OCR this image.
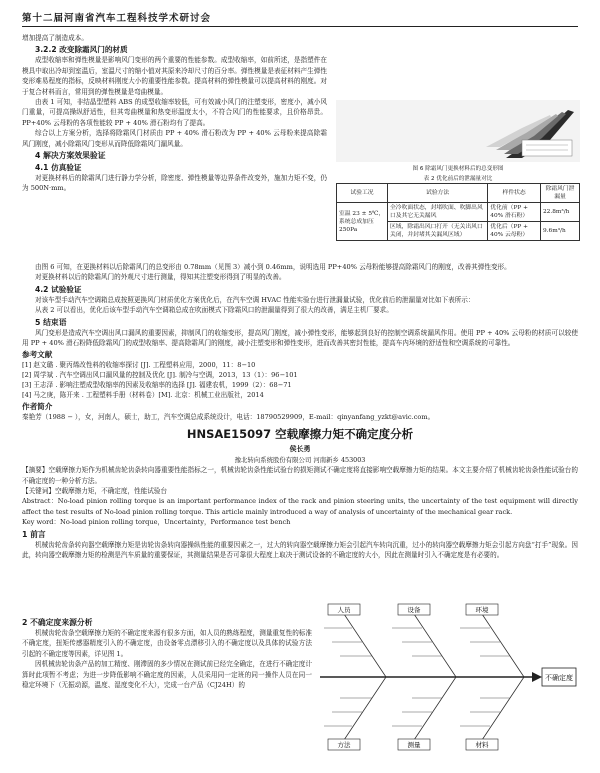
第十二届河南省汽车工程科技学术研讨会

增加提高了制造成本。

3.2.2 改变除霜风门的材质

成型收缩率和弹性模量是影响风门变形的两个重要的性能参数。成型收缩率，如前所述，是指塑件在模具中取出冷却到室温后，室温尺寸的缩小值对其原来冷却尺寸的百分率。弹性模量是表征材料产生弹性变形难易程度的指标，反映材料刚度大小的重要性能参数。提高材料的弹性模量可以提高材料的刚度。对于复合材料而言，常用到的弹性模量是弯曲模量。

由表 1 可知，非结晶型塑料 ABS 的成型收缩率较低，可有效减小风门的注塑变形，密度小，减小风门重量，可提高操纵舒适性，但其弯曲模量和热变形温度太小，不符合风门的性能要求，且价格昂贵。PP+40% 云母粉的各项性能较 PP + 40% 滑石粉均有了提高。

综合以上方案分析，选择将除霜风门材质由 PP + 40% 滑石粉改为 PP + 40% 云母粉来提高除霜风门刚度，减小除霜风门变形从而降低除霜风门漏风量。

4 解决方案效果验证

4.1 仿真验证

对更换材料后的除霜风门进行静力学分析，除密度、弹性模量等边界条件改变外，施加力矩不变，仍为 500N·mm。

图 6 除霜风门更换材料后的总变形图
表 2 优化前后的泄漏量对比
试验工况	试验方法	样件状态	除霜风门泄漏量
室温 23 ± 5℃，系统总成加压 250Pa	全冷吹面状态，封堵吹面、吹脚出风口及其它无关漏风	优化前（PP + 40% 滑石粉）	22.8m³/h
	区域，除霜出风口打开（无关出风口关闭，并封堵其关漏风区域）	优化后（PP + 40% 云母粉）	9.6m³/h

由图 6 可知，在更换材料以后除霜风门的总变形由 0.78mm（见图 3）减小到 0.46mm，说明选用 PP+40% 云母粉能够提高除霜风门的刚度，改善其弹性变形。

对更换材料以后的除霜风门的外观尺寸进行测量，得知其注塑变形得到了明显的改善。

4.2 试验验证

对该车型手动汽车空调箱总成按照更换风门材质优化方案优化后，在汽车空调 HVAC 性能实验台进行泄漏量试验，优化前后的泄漏量对比如下表所示：

从表 2 可以看出，优化后该车型手动汽车空调箱总成在吹面模式下除霜风口的泄漏量得到了很大的改善，满足主机厂要求。

5 结束语

风门变形是造成汽车空调出风口漏风的重要因素，抑制风门的收缩变形，提高风门刚度，减小弹性变形，能够起到良好的控制空调系统漏风作用。使用 PP + 40% 云母粉的材质可以较使用 PP + 40% 滑石粉降低除霜风门的成型收缩率、提高除霜风门的刚度，减小注塑变形和弹性变形，进而改善其密封性能，提高车内环境的舒适性和空调系统的可靠性。

参考文献

[1] 赵文璐 . 聚丙烯改性料的收缩率探讨 [J]. 工程塑料应用，2000，11：8−10

[2] 周学斌 . 汽车空调出风口漏风量的控制及优化 [J]. 制冷与空调，2013，13（1）：96−101

[3] 王志泽 . 影响注塑成型收缩率的因素及收缩率的选择 [J]. 福建农机，1999（2）：68−71

[4] 马之庚，陈开来 . 工程塑料手册（材料卷）[M]. 北京：机械工业出版社，2014

作者简介

秦艳芳（1988 − ），女，河南人，硕士，助工，汽车空调总成系统设计，电话：18790529909，E-mail：qinyanfang_yzkt@avic.com。

HNSAE15097 空载摩擦力矩不确定度分析

侯长勇

豫北转向系统股份有限公司 河南新乡 453003

【摘要】空载摩擦力矩作为机械齿轮齿条转向器重要性能指标之一，机械齿轮齿条性能试验台的损矩测试不确定度将直接影响空载摩擦力矩的结果。本文主要介绍了机械齿轮齿条性能试验台的不确定度的一种分析方法。

【关键词】空载摩擦力矩，不确定度，性能试验台

Abstract：No-load pinion rolling torque is an important performance index of the rack and pinion steering units, the uncertainty of the test equipment will directly affect the test results of No-load pinion rolling torque. This article mainly introduced a way of analysis of uncertainty of the mechanical gear rack.

Key word：No-load pinion rolling torque，Uncertainty，Performance test bench

1 前言

机械齿轮齿条转向器空载摩擦力矩是齿轮齿条转向器操纵性能的重要因素之一，过大的转向器空载摩擦力矩会引起汽车转向沉重，过小的转向器空载摩擦力矩会引起方向盘“打手”现象。因此，转向器空载摩擦力矩的检测是汽车质量的重要保证，其测量结果是否可靠很大程度上取决于测试设备的不确定度的大小，因此在测量时引入不确定度是有必要的。

2 不确定度来源分析

机械齿轮齿条空载摩擦力矩的不确定度来源有很多方面，如人员的熟练程度，测量重复性的标准不确定度，扭矩传感器精度引入的不确定度，由设备零点漂移引入的不确定度以及具体的试验方法引起的不确定度等因素，详见图 1。

因机械齿轮齿条产品的加工精度、刚滞固的多少情况在测试前已经完全确定，在进行不确定度计算时此项暂不考虑；为进一步降低影响不确定度的因素，人员采用同一定班的同一操作人员在同一稳定环境下（无振动源，温度、湿度变化不大），完成一台产品（CJ24H）的

不确定度
人员	设备	环境
方法	测量	材料
